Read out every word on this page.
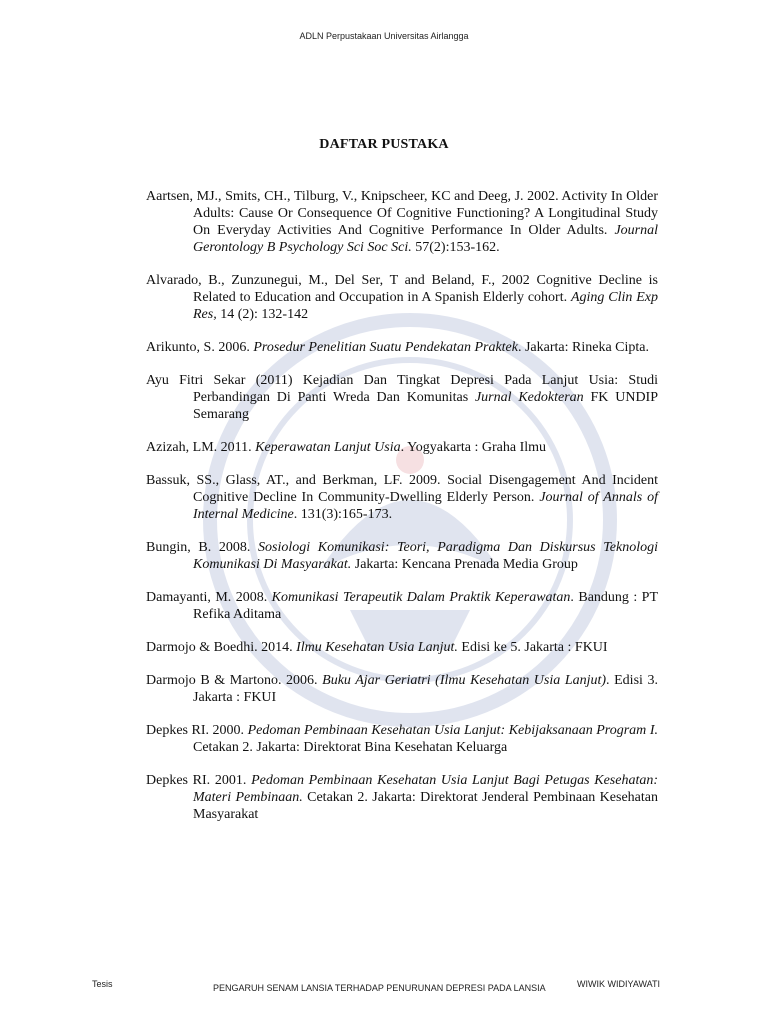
ADLN Perpustakaan Universitas Airlangga
DAFTAR PUSTAKA

Aartsen, MJ., Smits, CH., Tilburg, V., Knipscheer, KC and Deeg, J. 2002. Activity In Older Adults: Cause Or Consequence Of Cognitive Functioning? A Longitudinal Study On Everyday Activities And Cognitive Performance In Older Adults. Journal Gerontology B Psychology Sci Soc Sci. 57(2):153-162.

Alvarado, B., Zunzunegui, M., Del Ser, T and Beland, F., 2002 Cognitive Decline is Related to Education and Occupation in A Spanish Elderly cohort. Aging Clin Exp Res, 14 (2): 132-142

Arikunto, S. 2006. Prosedur Penelitian Suatu Pendekatan Praktek. Jakarta: Rineka Cipta.

Ayu Fitri Sekar (2011) Kejadian Dan Tingkat Depresi Pada Lanjut Usia: Studi Perbandingan Di Panti Wreda Dan Komunitas Jurnal Kedokteran FK UNDIP Semarang

Azizah, LM. 2011. Keperawatan Lanjut Usia. Yogyakarta : Graha Ilmu

Bassuk, SS., Glass, AT., and Berkman, LF. 2009. Social Disengagement And Incident Cognitive Decline In Community-Dwelling Elderly Person. Journal of Annals of Internal Medicine. 131(3):165-173.

Bungin, B. 2008. Sosiologi Komunikasi: Teori, Paradigma Dan Diskursus Teknologi Komunikasi Di Masyarakat. Jakarta: Kencana Prenada Media Group

Damayanti, M. 2008. Komunikasi Terapeutik Dalam Praktik Keperawatan. Bandung : PT Refika Aditama

Darmojo & Boedhi. 2014. Ilmu Kesehatan Usia Lanjut. Edisi ke 5. Jakarta : FKUI

Darmojo B & Martono. 2006. Buku Ajar Geriatri (Ilmu Kesehatan Usia Lanjut). Edisi 3. Jakarta : FKUI

Depkes RI. 2000. Pedoman Pembinaan Kesehatan Usia Lanjut: Kebijaksanaan Program I. Cetakan 2. Jakarta: Direktorat Bina Kesehatan Keluarga

Depkes RI. 2001. Pedoman Pembinaan Kesehatan Usia Lanjut Bagi Petugas Kesehatan: Materi Pembinaan. Cetakan 2. Jakarta: Direktorat Jenderal Pembinaan Kesehatan Masyarakat

Tesis	PENGARUH SENAM LANSIA TERHADAP PENURUNAN DEPRESI PADA LANSIA	WIWIK WIDIYAWATI
